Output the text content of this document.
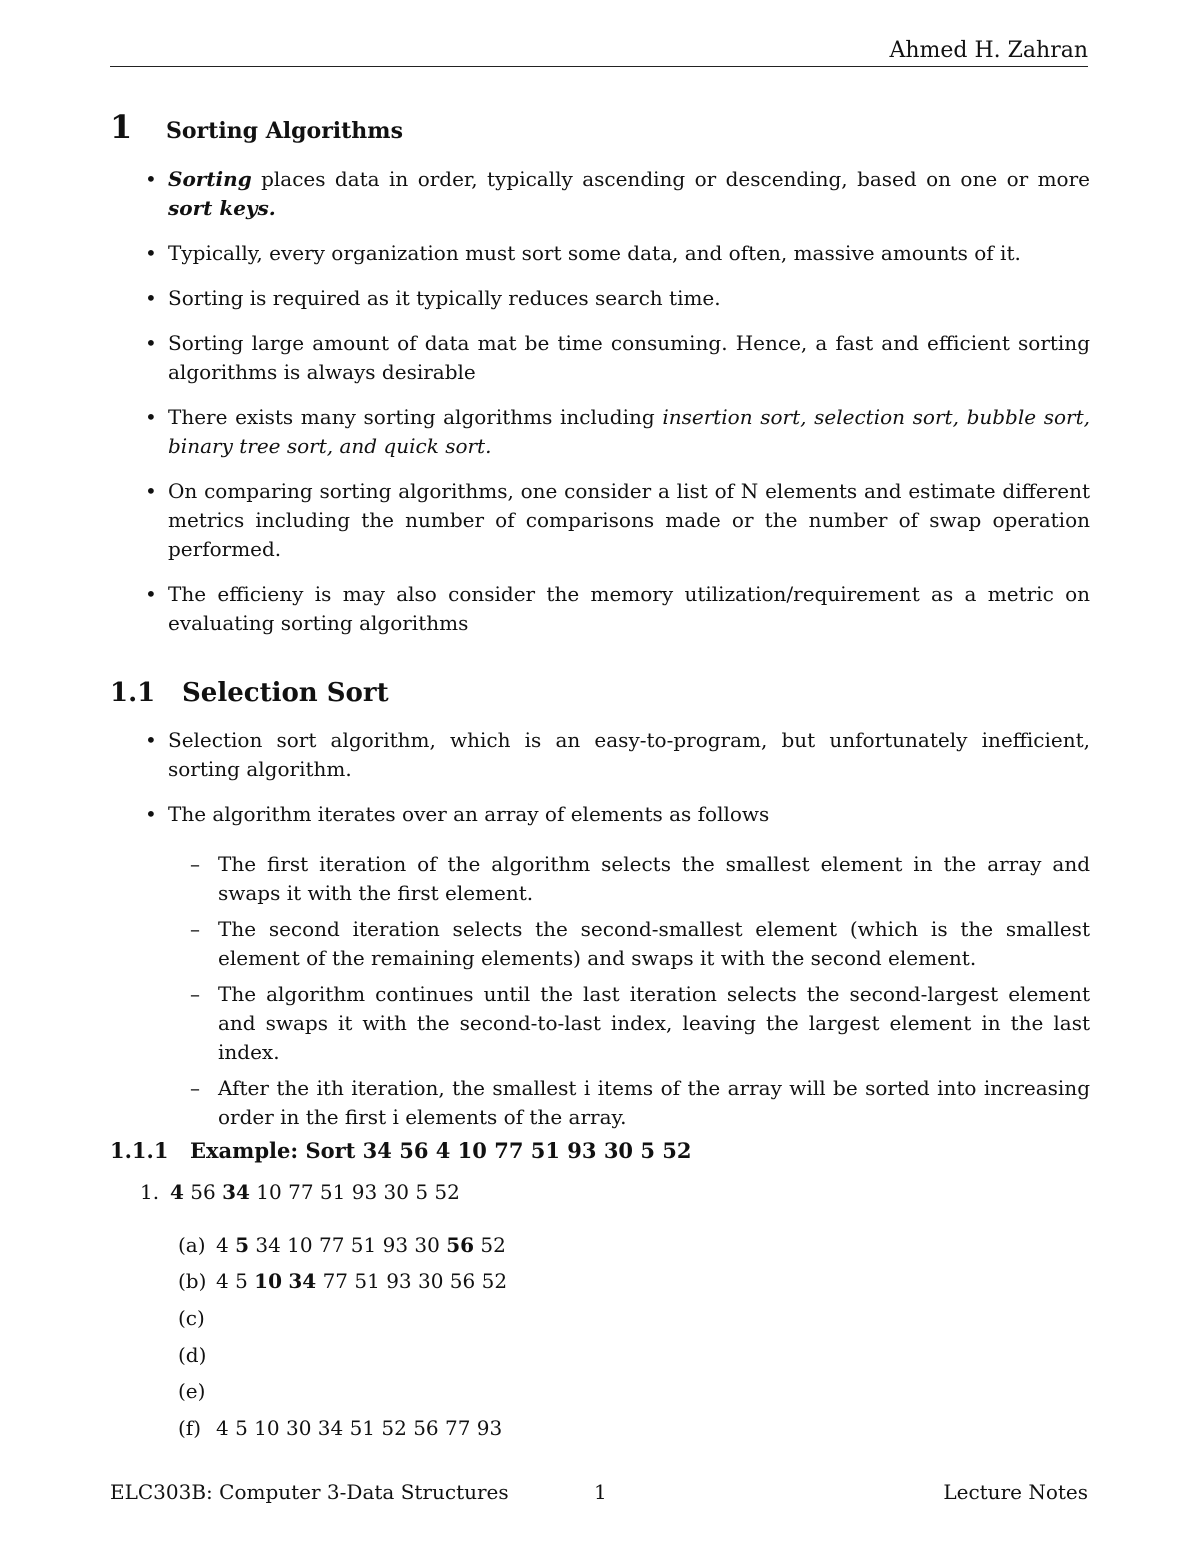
Ahmed H. Zahran
1 Sorting Algorithms
• Sorting places data in order, typically ascending or descending, based on one or more sort keys.
• Typically, every organization must sort some data, and often, massive amounts of it.
• Sorting is required as it typically reduces search time.
• Sorting large amount of data mat be time consuming. Hence, a fast and efficient sorting algorithms is always desirable
• There exists many sorting algorithms including insertion sort, selection sort, bubble sort, binary tree sort, and quick sort.
• On comparing sorting algorithms, one consider a list of N elements and estimate different metrics including the number of comparisons made or the number of swap operation performed.
• The efficieny is may also consider the memory utilization/requirement as a metric on evaluating sorting algorithms
1.1 Selection Sort
• Selection sort algorithm, which is an easy-to-program, but unfortunately inefficient, sorting algorithm.
• The algorithm iterates over an array of elements as follows
– The first iteration of the algorithm selects the smallest element in the array and swaps it with the first element.
– The second iteration selects the second-smallest element (which is the smallest element of the remaining elements) and swaps it with the second element.
– The algorithm continues until the last iteration selects the second-largest element and swaps it with the second-to-last index, leaving the largest element in the last index.
– After the ith iteration, the smallest i items of the array will be sorted into increasing order in the first i elements of the array.
1.1.1 Example: Sort 34 56 4 10 77 51 93 30 5 52
1. 4 56 34 10 77 51 93 30 5 52
(a) 4 5 34 10 77 51 93 30 56 52
(b) 4 5 10 34 77 51 93 30 56 52
(c)
(d)
(e)
(f) 4 5 10 30 34 51 52 56 77 93
ELC303B: Computer 3-Data Structures	1	Lecture Notes
